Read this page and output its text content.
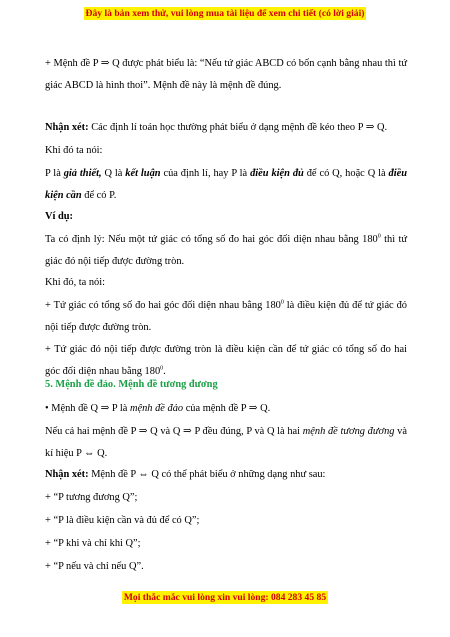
Đây là bản xem thử, vui lòng mua tài liệu để xem chi tiết (có lời giải)

+ Mệnh đề P ⇒ Q được phát biểu là: “Nếu tứ giác ABCD có bốn cạnh bằng nhau thì tứ giác ABCD là hình thoi”. Mệnh đề này là mệnh đề đúng.

Nhận xét: Các định lí toán học thường phát biểu ở dạng mệnh đề kéo theo P ⇒ Q.

Khi đó ta nói:

P là giả thiết, Q là kết luận của định lí, hay P là điều kiện đủ để có Q, hoặc Q là điều kiện cần để có P.

Ví dụ:

Ta có định lý: Nếu một tứ giác có tổng số đo hai góc đối diện nhau bằng $180^0$ thì tứ giác đó nội tiếp được đường tròn.

Khi đó, ta nói:

+ Tứ giác có tổng số đo hai góc đối diện nhau bằng $180^0$ là điều kiện đủ để tứ giác đó nội tiếp được đường tròn.

+ Tứ giác đó nội tiếp được đường tròn là điều kiện cần để tứ giác có tổng số đo hai góc đối diện nhau bằng $180^0$.

5. Mệnh đề đảo. Mệnh đề tương đương

• Mệnh đề Q ⇒ P là mệnh đề đảo của mệnh đề P ⇒ Q.

Nếu cả hai mệnh đề P ⇒ Q và Q ⇒ P đều đúng, P và Q là hai mệnh đề tương đương và kí hiệu P ⇔ Q.

Nhận xét: Mệnh đề P ⇔ Q có thể phát biểu ở những dạng như sau:

+ “P tương đương Q”;

+ “P là điều kiện cần và đủ để có Q”;

+ “P khi và chỉ khi Q”;

+ “P nếu và chỉ nếu Q”.

Mọi thắc mắc vui lòng xin vui lòng: 084 283 45 85
